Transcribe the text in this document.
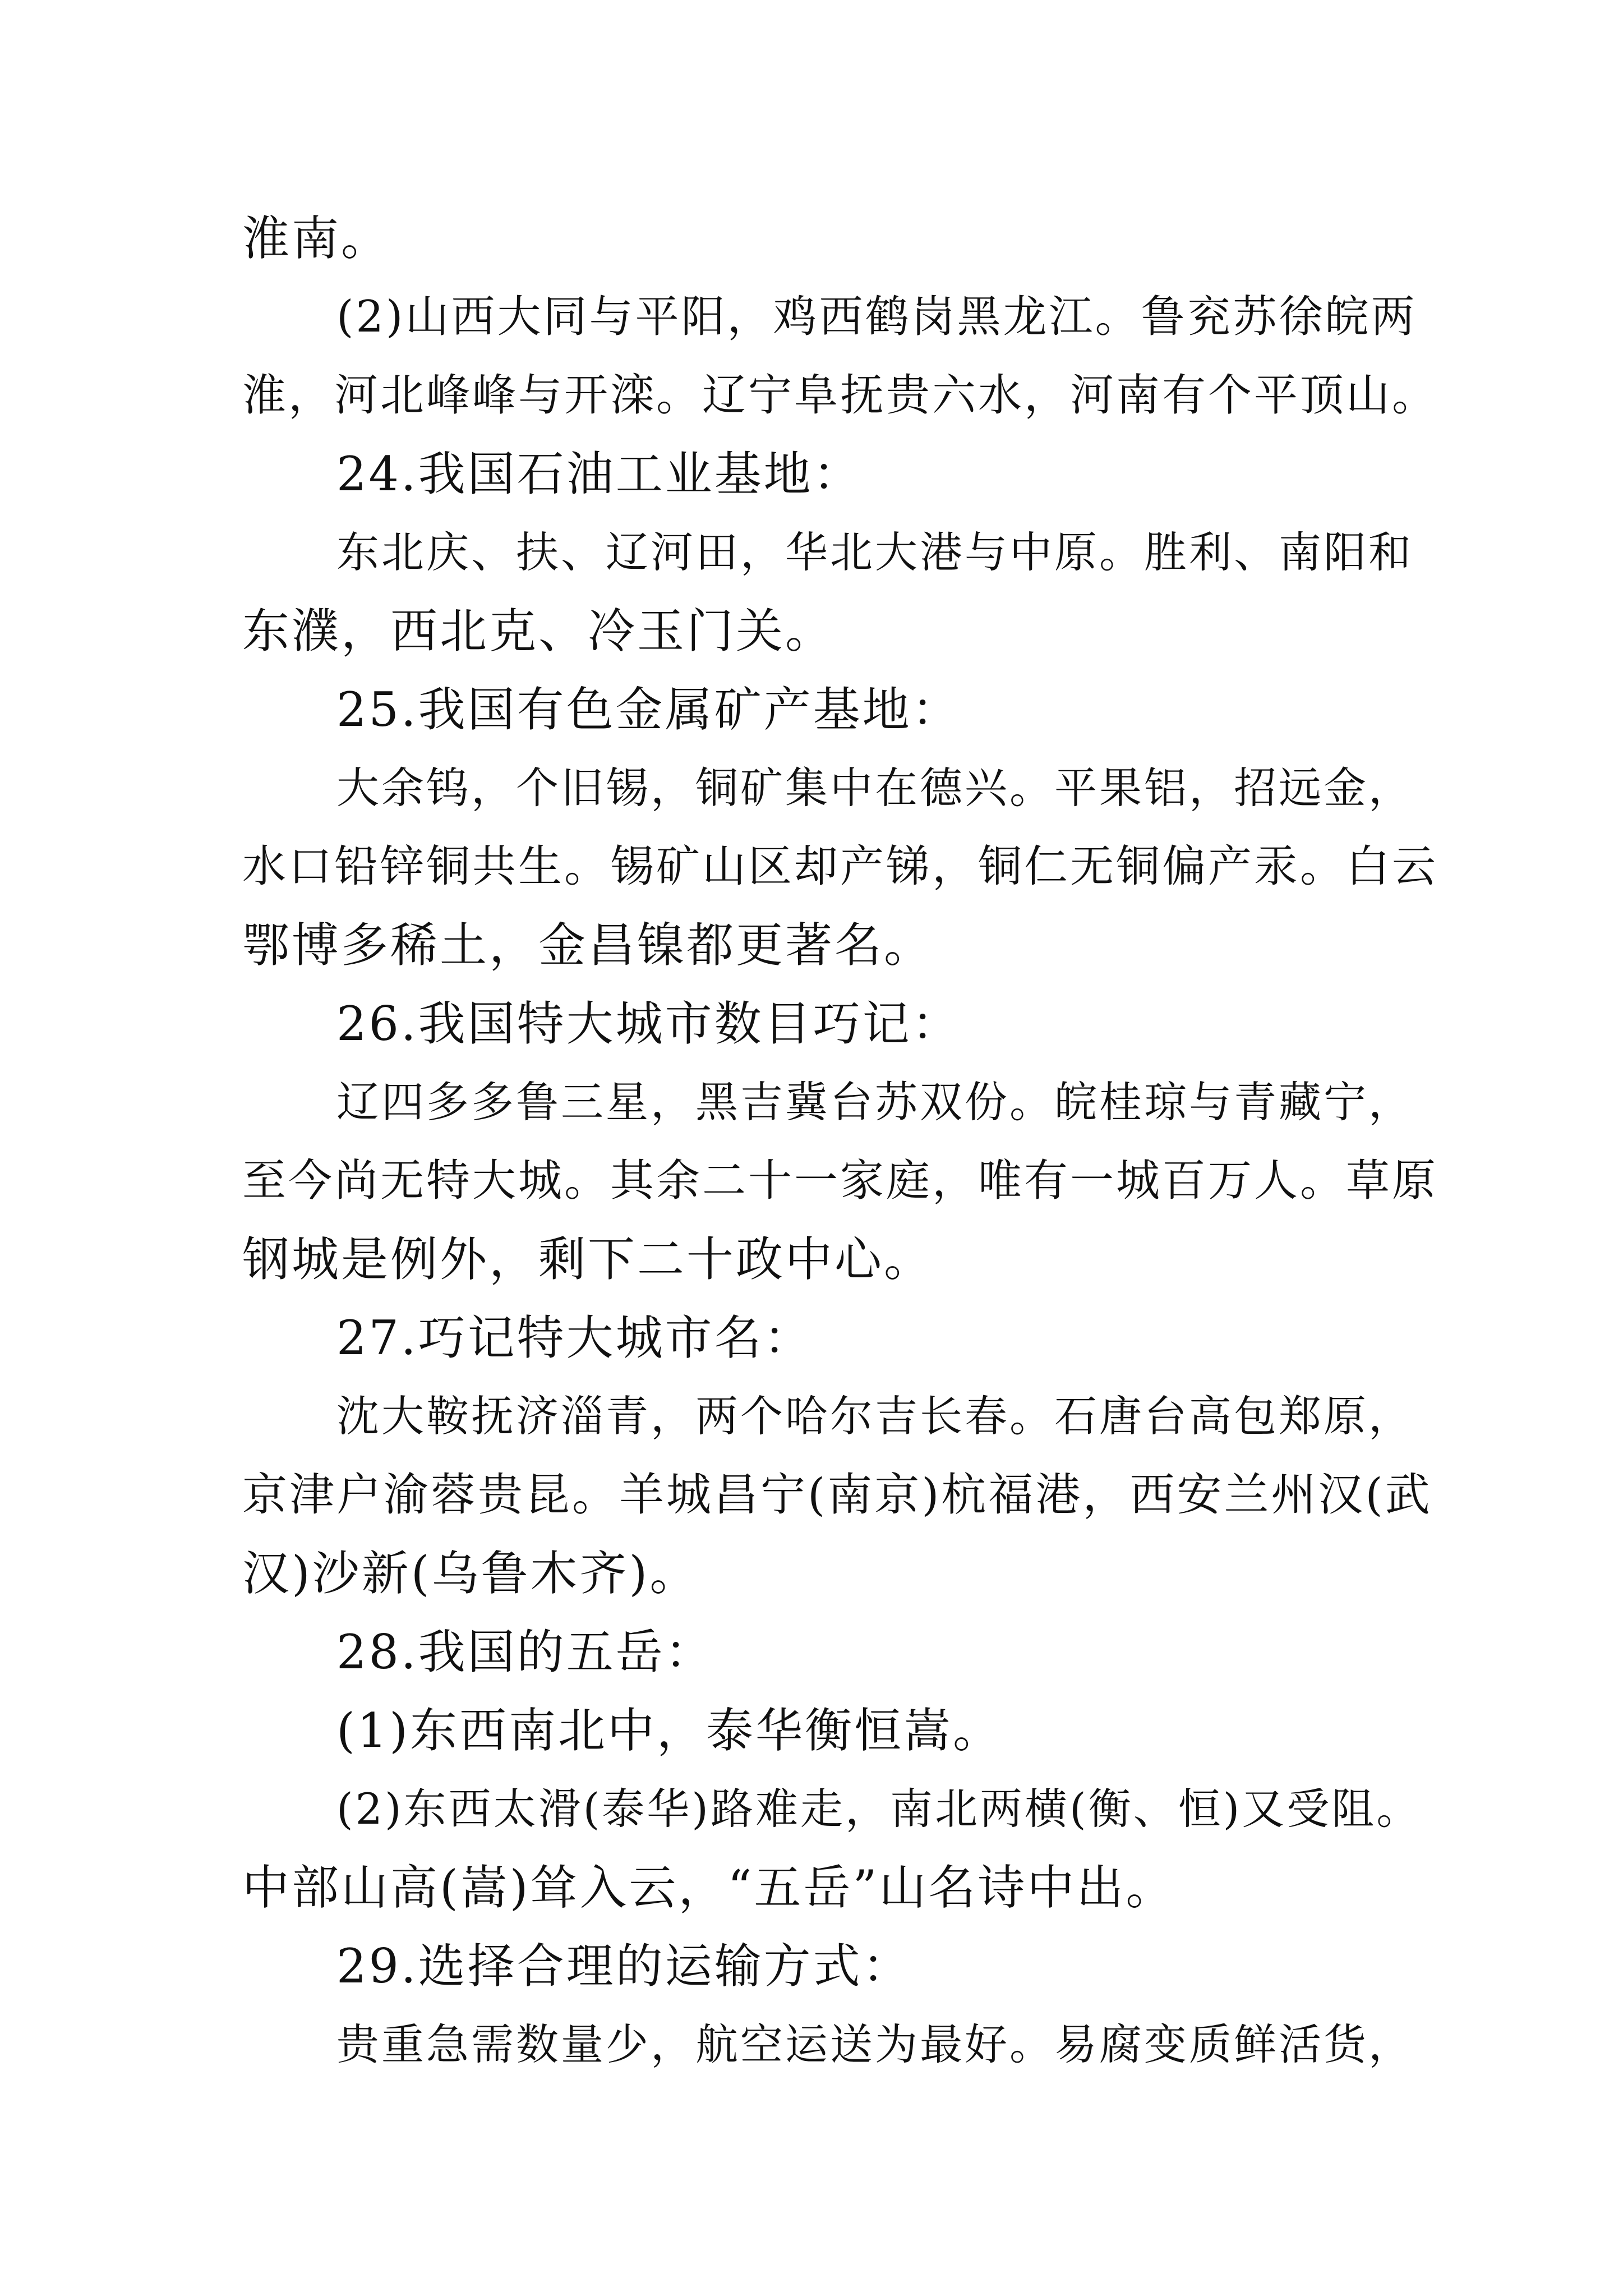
淮南。
(2)山西大同与平阳，鸡西鹤岗黑龙江。鲁兖苏徐皖两
淮，河北峰峰与开滦。辽宁阜抚贵六水，河南有个平顶山。
24.我国石油工业基地：
东北庆、扶、辽河田，华北大港与中原。胜利、南阳和
东濮，西北克、冷玉门关。
25.我国有色金属矿产基地：
大余钨，个旧锡，铜矿集中在德兴。平果铝，招远金，
水口铅锌铜共生。锡矿山区却产锑，铜仁无铜偏产汞。白云
鄂博多稀土，金昌镍都更著名。
26.我国特大城市数目巧记：
辽四多多鲁三星，黑吉冀台苏双份。皖桂琼与青藏宁，
至今尚无特大城。其余二十一家庭，唯有一城百万人。草原
钢城是例外，剩下二十政中心。
27.巧记特大城市名：
沈大鞍抚济淄青，两个哈尔吉长春。石唐台高包郑原，
京津户渝蓉贵昆。羊城昌宁(南京)杭福港，西安兰州汉(武
汉)沙新(乌鲁木齐)。
28.我国的五岳：
(1)东西南北中，泰华衡恒嵩。
(2)东西太滑(泰华)路难走，南北两横(衡、恒)又受阻。
中部山高(嵩)耸入云，“五岳”山名诗中出。
29.选择合理的运输方式：
贵重急需数量少，航空运送为最好。易腐变质鲜活货，
